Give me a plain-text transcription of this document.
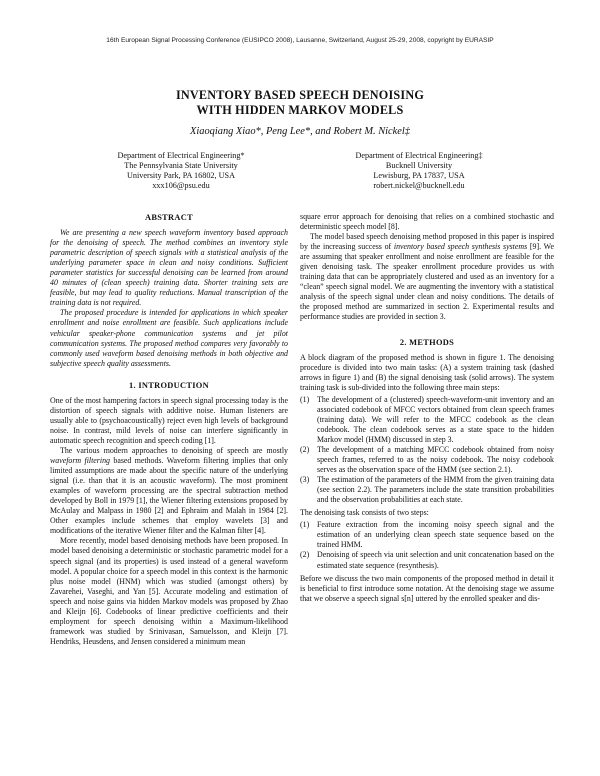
16th European Signal Processing Conference (EUSIPCO 2008), Lausanne, Switzerland, August 25-29, 2008, copyright by EURASIP
INVENTORY BASED SPEECH DENOISING
WITH HIDDEN MARKOV MODELS
Xiaoqiang Xiao*, Peng Lee*, and Robert M. Nickel‡
Department of Electrical Engineering*
The Pennsylvania State University
University Park, PA 16802, USA
xxx106@psu.edu
Department of Electrical Engineering‡
Bucknell University
Lewisburg, PA 17837, USA
robert.nickel@bucknell.edu
ABSTRACT

We are presenting a new speech waveform inventory based approach for the denoising of speech. The method combines an inventory style parametric description of speech signals with a statistical analysis of the underlying parameter space in clean and noisy conditions. Sufficient parameter statistics for successful denoising can be learned from around 40 minutes of (clean speech) training data. Shorter training sets are feasible, but may lead to quality reductions. Manual transcription of the training data is not required.

The proposed procedure is intended for applications in which speaker enrollment and noise enrollment are feasible. Such applications include vehicular speaker-phone communication systems and jet pilot communication systems. The proposed method compares very favorably to commonly used waveform based denoising methods in both objective and subjective speech quality assessments.

1. INTRODUCTION

One of the most hampering factors in speech signal processing today is the distortion of speech signals with additive noise. Human listeners are usually able to (psychoacoustically) reject even high levels of background noise. In contrast, mild levels of noise can interfere significantly in automatic speech recognition and speech coding [1].

The various modern approaches to denoising of speech are mostly waveform filtering based methods. Waveform filtering implies that only limited assumptions are made about the specific nature of the underlying signal (i.e. than that it is an acoustic waveform). The most prominent examples of waveform processing are the spectral subtraction method developed by Boll in 1979 [1], the Wiener filtering extensions proposed by McAulay and Malpass in 1980 [2] and Ephraim and Malah in 1984 [2]. Other examples include schemes that employ wavelets [3] and modifications of the iterative Wiener filter and the Kalman filter [4].

More recently, model based denoising methods have been proposed. In model based denoising a deterministic or stochastic parametric model for a speech signal (and its properties) is used instead of a general waveform model. A popular choice for a speech model in this context is the harmonic plus noise model (HNM) which was studied (amongst others) by Zavarehei, Vaseghi, and Yan [5]. Accurate modeling and estimation of speech and noise gains via hidden Markov models was proposed by Zhao and Kleijn [6]. Codebooks of linear predictive coefficients and their employment for speech denoising within a Maximum-likelihood framework was studied by Srinivasan, Samuelsson, and Kleijn [7]. Hendriks, Heusdens, and Jensen considered a minimum mean

square error approach for denoising that relies on a combined stochastic and deterministic speech model [8].

The model based speech denoising method proposed in this paper is inspired by the increasing success of inventory based speech synthesis systems [9]. We are assuming that speaker enrollment and noise enrollment are feasible for the given denoising task. The speaker enrollment procedure provides us with training data that can be appropriately clustered and used as an inventory for a “clean” speech signal model. We are augmenting the inventory with a statistical analysis of the speech signal under clean and noisy conditions. The details of the proposed method are summarized in section 2. Experimental results and performance studies are provided in section 3.

2. METHODS

A block diagram of the proposed method is shown in figure 1. The denoising procedure is divided into two main tasks: (A) a system training task (dashed arrows in figure 1) and (B) the signal denoising task (solid arrows). The system training task is sub-divided into the following three main steps:

(1) The development of a (clustered) speech-waveform-unit inventory and an associated codebook of MFCC vectors obtained from clean speech frames (training data). We will refer to the MFCC codebook as the clean codebook. The clean codebook serves as a state space to the hidden Markov model (HMM) discussed in step 3.
(2) The development of a matching MFCC codebook obtained from noisy speech frames, referred to as the noisy codebook. The noisy codebook serves as the observation space of the HMM (see section 2.1).
(3) The estimation of the parameters of the HMM from the given training data (see section 2.2). The parameters include the state transition probabilities and the observation probabilities at each state.

The denoising task consists of two steps:

(1) Feature extraction from the incoming noisy speech signal and the estimation of an underlying clean speech state sequence based on the trained HMM.
(2) Denoising of speech via unit selection and unit concatenation based on the estimated state sequence (resynthesis).

Before we discuss the two main components of the proposed method in detail it is beneficial to first introduce some notation. At the denoising stage we assume that we observe a speech signal s[n] uttered by the enrolled speaker and dis-
